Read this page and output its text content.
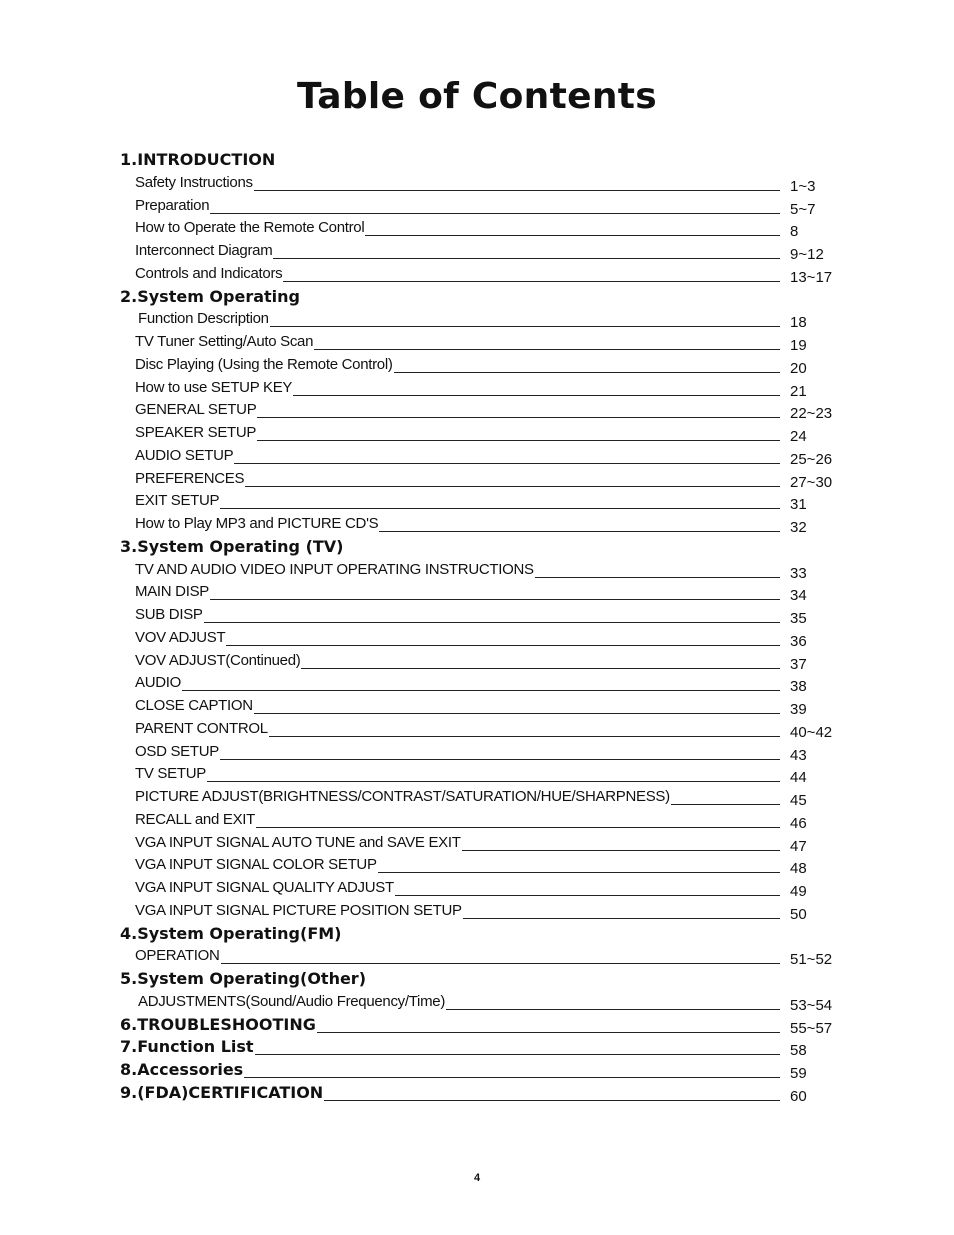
Table of Contents
1.INTRODUCTION
Safety Instructions	1~3
Preparation	5~7
How to Operate the Remote Control	8
Interconnect Diagram	9~12
Controls and Indicators	13~17
2.System Operating
Function Description	18
TV Tuner Setting/Auto Scan	19
Disc Playing (Using the Remote Control)	20
How to use SETUP KEY	21
GENERAL SETUP	22~23
SPEAKER SETUP	24
AUDIO SETUP	25~26
PREFERENCES	27~30
EXIT SETUP	31
How to Play MP3 and PICTURE CD'S	32
3.System Operating (TV)
TV AND AUDIO VIDEO INPUT OPERATING INSTRUCTIONS	33
MAIN DISP	34
SUB DISP	35
VOV ADJUST	36
VOV ADJUST(Continued)	37
AUDIO	38
CLOSE CAPTION	39
PARENT CONTROL	40~42
OSD SETUP	43
TV SETUP	44
PICTURE ADJUST(BRIGHTNESS/CONTRAST/SATURATION/HUE/SHARPNESS)	45
RECALL and EXIT	46
VGA INPUT SIGNAL AUTO TUNE and SAVE EXIT	47
VGA INPUT SIGNAL COLOR SETUP	48
VGA INPUT SIGNAL QUALITY ADJUST	49
VGA INPUT SIGNAL PICTURE POSITION SETUP	50
4.System Operating(FM)
OPERATION	51~52
5.System Operating(Other)
ADJUSTMENTS(Sound/Audio Frequency/Time)	53~54
6.TROUBLESHOOTING	55~57
7.Function List	58
8.Accessories	59
9.(FDA)CERTIFICATION	60
4
